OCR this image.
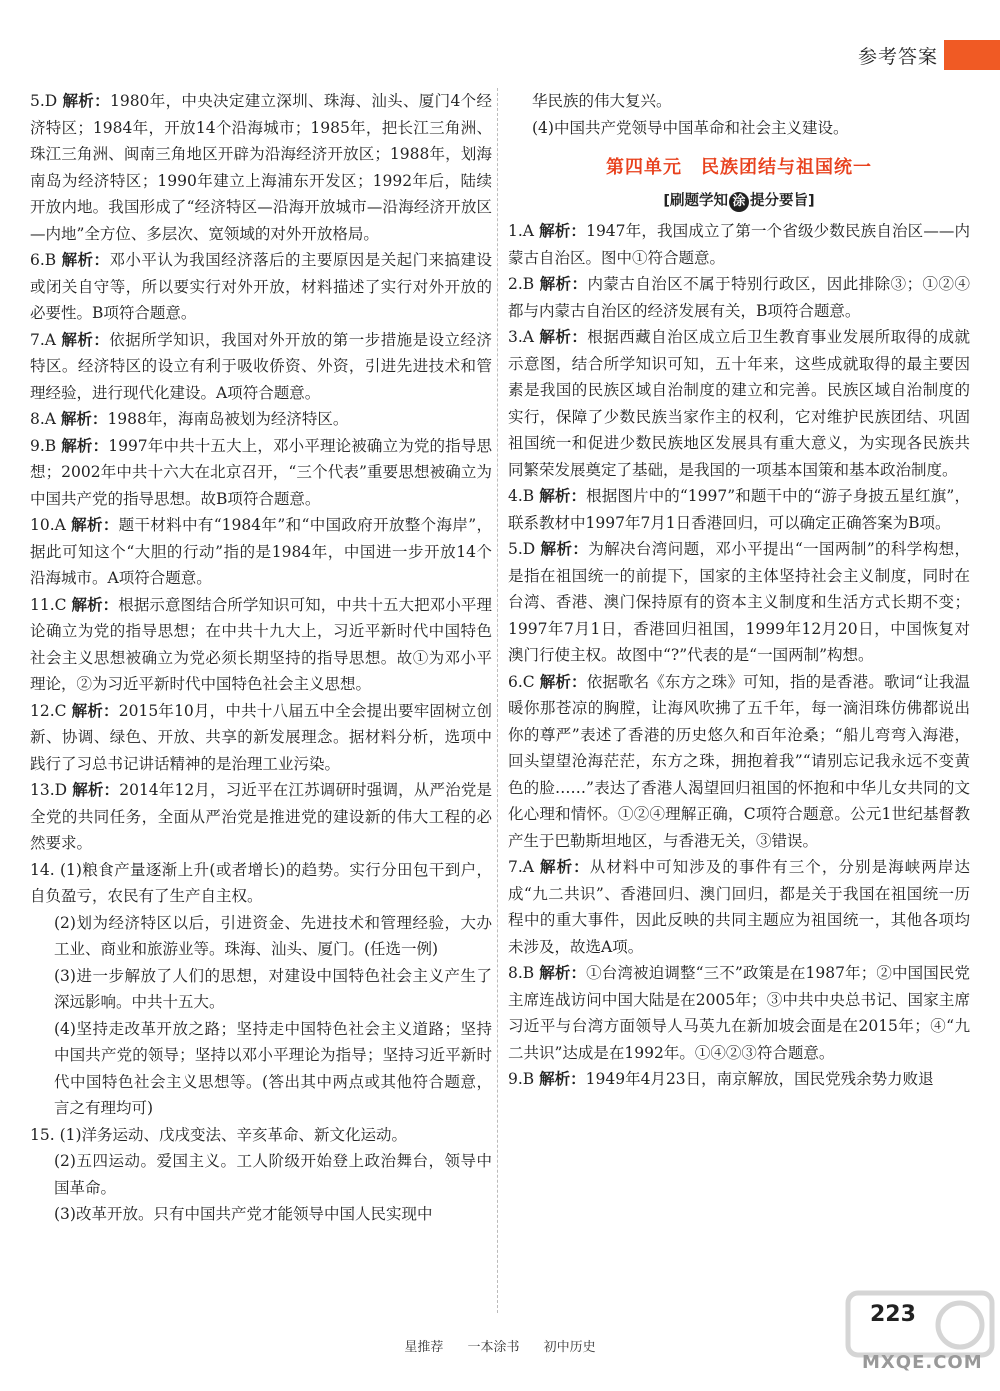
参考答案

5.D 解析：1980年，中央决定建立深圳、珠海、汕头、厦门4个经济特区；1984年，开放14个沿海城市；1985年，把长江三角洲、珠江三角洲、闽南三角地区开辟为沿海经济开放区；1988年，划海南岛为经济特区；1990年建立上海浦东开发区；1992年后，陆续开放内地。我国形成了“经济特区—沿海开放城市—沿海经济开放区—内地”全方位、多层次、宽领域的对外开放格局。

6.B 解析：邓小平认为我国经济落后的主要原因是关起门来搞建设或闭关自守等，所以要实行对外开放，材料描述了实行对外开放的必要性。B项符合题意。

7.A 解析：依据所学知识，我国对外开放的第一步措施是设立经济特区。经济特区的设立有利于吸收侨资、外资，引进先进技术和管理经验，进行现代化建设。A项符合题意。

8.A 解析：1988年，海南岛被划为经济特区。

9.B 解析：1997年中共十五大上，邓小平理论被确立为党的指导思想；2002年中共十六大在北京召开，“三个代表”重要思想被确立为中国共产党的指导思想。故B项符合题意。

10.A 解析：题干材料中有“1984年”和“中国政府开放整个海岸”，据此可知这个“大胆的行动”指的是1984年，中国进一步开放14个沿海城市。A项符合题意。

11.C 解析：根据示意图结合所学知识可知，中共十五大把邓小平理论确立为党的指导思想；在中共十九大上，习近平新时代中国特色社会主义思想被确立为党必须长期坚持的指导思想。故①为邓小平理论，②为习近平新时代中国特色社会主义思想。

12.C 解析：2015年10月，中共十八届五中全会提出要牢固树立创新、协调、绿色、开放、共享的新发展理念。据材料分析，选项中践行了习总书记讲话精神的是治理工业污染。

13.D 解析：2014年12月，习近平在江苏调研时强调，从严治党是全党的共同任务，全面从严治党是推进党的建设新的伟大工程的必然要求。

14. (1)粮食产量逐渐上升(或者增长)的趋势。实行分田包干到户，自负盈亏，农民有了生产自主权。

(2)划为经济特区以后，引进资金、先进技术和管理经验，大办工业、商业和旅游业等。珠海、汕头、厦门。(任选一例)

(3)进一步解放了人们的思想，对建设中国特色社会主义产生了深远影响。中共十五大。

(4)坚持走改革开放之路；坚持走中国特色社会主义道路；坚持中国共产党的领导；坚持以邓小平理论为指导；坚持习近平新时代中国特色社会主义思想等。(答出其中两点或其他符合题意，言之有理均可)

15. (1)洋务运动、戊戌变法、辛亥革命、新文化运动。

(2)五四运动。爱国主义。工人阶级开始登上政治舞台，领导中国革命。

(3)改革开放。只有中国共产党才能领导中国人民实现中

华民族的伟大复兴。

(4)中国共产党领导中国革命和社会主义建设。

第四单元　民族团结与祖国统一
[刷题学知 涂 提分要旨]

1.A 解析：1947年，我国成立了第一个省级少数民族自治区——内蒙古自治区。图中①符合题意。

2.B 解析：内蒙古自治区不属于特别行政区，因此排除③；①②④都与内蒙古自治区的经济发展有关，B项符合题意。

3.A 解析：根据西藏自治区成立后卫生教育事业发展所取得的成就示意图，结合所学知识可知，五十年来，这些成就取得的最主要因素是我国的民族区域自治制度的建立和完善。民族区域自治制度的实行，保障了少数民族当家作主的权利，它对维护民族团结、巩固祖国统一和促进少数民族地区发展具有重大意义，为实现各民族共同繁荣发展奠定了基础，是我国的一项基本国策和基本政治制度。

4.B 解析：根据图片中的“1997”和题干中的“游子身披五星红旗”，联系教材中1997年7月1日香港回归，可以确定正确答案为B项。

5.D 解析：为解决台湾问题，邓小平提出“一国两制”的科学构想，是指在祖国统一的前提下，国家的主体坚持社会主义制度，同时在台湾、香港、澳门保持原有的资本主义制度和生活方式长期不变；1997年7月1日，香港回归祖国，1999年12月20日，中国恢复对澳门行使主权。故图中“?”代表的是“一国两制”构想。

6.C 解析：依据歌名《东方之珠》可知，指的是香港。歌词“让我温暖你那苍凉的胸膛，让海风吹拂了五千年，每一滴泪珠仿佛都说出你的尊严”表述了香港的历史悠久和百年沧桑；“船儿弯弯入海港，回头望望沧海茫茫，东方之珠，拥抱着我”“请别忘记我永远不变黄色的脸……”表达了香港人渴望回归祖国的怀抱和中华儿女共同的文化心理和情怀。①②④理解正确，C项符合题意。公元1世纪基督教产生于巴勒斯坦地区，与香港无关，③错误。

7.A 解析：从材料中可知涉及的事件有三个，分别是海峡两岸达成“九二共识”、香港回归、澳门回归，都是关于我国在祖国统一历程中的重大事件，因此反映的共同主题应为祖国统一，其他各项均未涉及，故选A项。

8.B 解析：①台湾被迫调整“三不”政策是在1987年；②中国国民党主席连战访问中国大陆是在2005年；③中共中央总书记、国家主席习近平与台湾方面领导人马英九在新加坡会面是在2015年；④“九二共识”达成是在1992年。①④②③符合题意。

9.B 解析：1949年4月23日，南京解放，国民党残余势力败退

223
MXQE.COM
星推荐 一本涂书 初中历史
